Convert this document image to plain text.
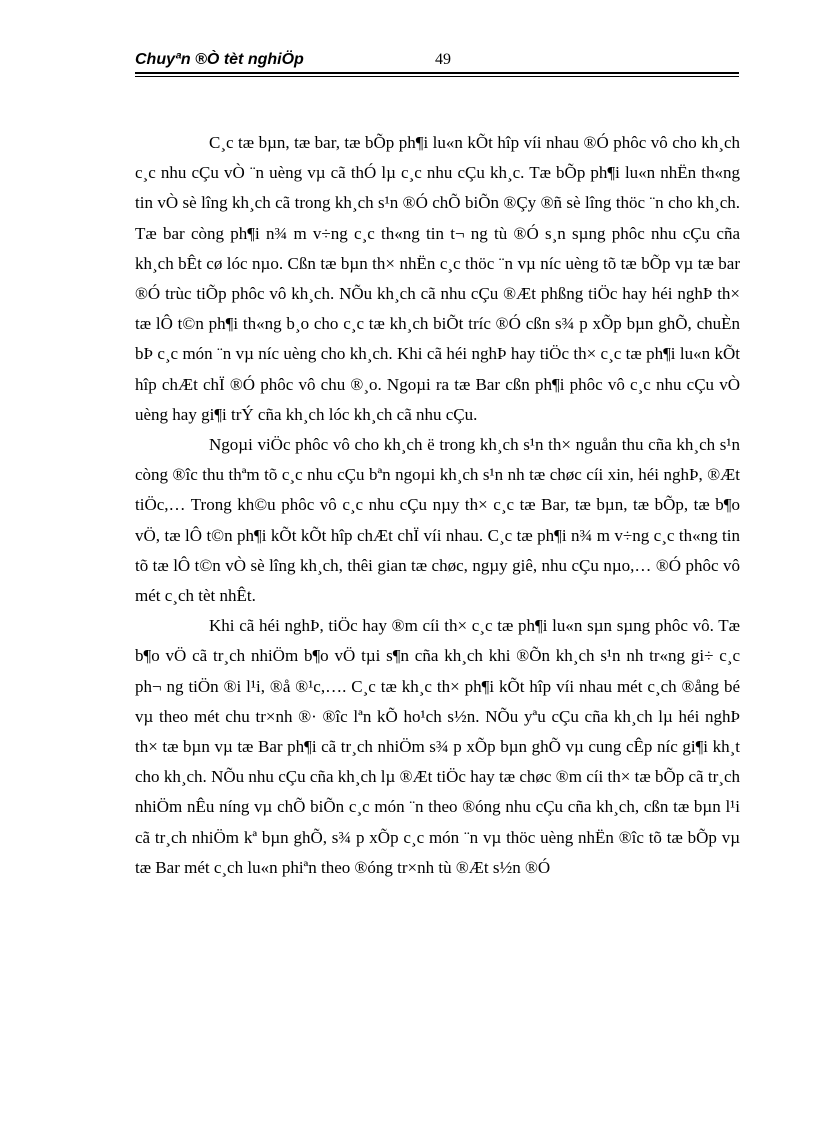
Chuyªn ®Ò tèt nghiÖp	49

C¸c tæ bµn, tæ bar, tæ bÕp ph¶i lu«n kÕt hîp víi nhau ®Ó phôc vô cho kh¸ch c¸c nhu cÇu vÒ ¨n uèng vµ cã thÓ lµ c¸c nhu cÇu kh¸c. Tæ bÕp ph¶i lu«n nhËn th«ng tin vÒ sè lîng kh¸ch cã trong kh¸ch s¹n ®Ó chÕ biÕn ®Çy ®ñ sè lîng thöc ¨n cho kh¸ch. Tæ bar còng ph¶i n¾ m v÷ng c¸c th«ng tin t¬ ng tù ®Ó s¸n sµng phôc nhu cÇu cña kh¸ch bÊt cø lóc nµo. Cßn tæ bµn th× nhËn c¸c thöc ¨n vµ níc uèng tõ tæ bÕp vµ tæ bar ®Ó trùc tiÕp phôc vô kh¸ch. NÕu kh¸ch cã nhu cÇu ®Æt phßng tiÖc hay héi nghÞ th× tæ lÔ t©n ph¶i th«ng b¸o cho c¸c tæ kh¸ch biÕt tríc ®Ó cßn s¾ p xÕp bµn ghÕ, chuÈn bÞ c¸c món ¨n vµ níc uèng cho kh¸ch. Khi cã héi nghÞ hay tiÖc th× c¸c tæ ph¶i lu«n kÕt hîp chÆt chÏ ®Ó phôc vô chu ®¸o. Ngoµi ra tæ Bar cßn ph¶i phôc vô c¸c nhu cÇu vÒ uèng hay gi¶i trÝ cña kh¸ch lóc kh¸ch cã nhu cÇu.

Ngoµi viÖc phôc vô cho kh¸ch ë trong kh¸ch s¹n th× nguån thu cña kh¸ch s¹n còng ®îc thu thªm tõ c¸c nhu cÇu bªn ngoµi kh¸ch s¹n nh tæ chøc cíi xin, héi nghÞ, ®Æt tiÖc,… Trong kh©u phôc vô c¸c nhu cÇu nµy th× c¸c tæ Bar, tæ bµn, tæ bÕp, tæ b¶o vÖ, tæ lÔ t©n ph¶i kÕt kÕt hîp chÆt chÏ víi nhau. C¸c tæ ph¶i n¾ m v÷ng c¸c th«ng tin tõ tæ lÔ t©n vÒ sè lîng kh¸ch, thêi gian tæ chøc, ngµy giê, nhu cÇu nµo,… ®Ó phôc vô mét c¸ch tèt nhÊt.

Khi cã héi nghÞ, tiÖc hay ®m cíi th× c¸c tæ ph¶i lu«n sµn sµng phôc vô. Tæ b¶o vÖ cã tr¸ch nhiÖm b¶o vÖ tµi s¶n cña kh¸ch khi ®Õn kh¸ch s¹n nh tr«ng gi÷ c¸c ph¬ ng tiÖn ®i l¹i, ®å ®¹c,…. C¸c tæ kh¸c th× ph¶i kÕt hîp víi nhau mét c¸ch ®ång bé vµ theo mét chu tr×nh ®· ®îc lªn kÕ ho¹ch s½n. NÕu yªu cÇu cña kh¸ch lµ héi nghÞ th× tæ bµn vµ tæ Bar ph¶i cã tr¸ch nhiÖm s¾ p xÕp bµn ghÕ vµ cung cÊp níc gi¶i kh¸t cho kh¸ch. NÕu nhu cÇu cña kh¸ch lµ ®Æt tiÖc hay tæ chøc ®m cíi th× tæ bÕp cã tr¸ch nhiÖm nÊu níng vµ chÕ biÕn c¸c món ¨n theo ®óng nhu cÇu cña kh¸ch, cßn tæ bµn l¹i cã tr¸ch nhiÖm kª bµn ghÕ, s¾ p xÕp c¸c món ¨n vµ thöc uèng nhËn ®îc tõ tæ bÕp vµ tæ Bar mét c¸ch lu«n phiªn theo ®óng tr×nh tù ®Æt s½n ®Ó
